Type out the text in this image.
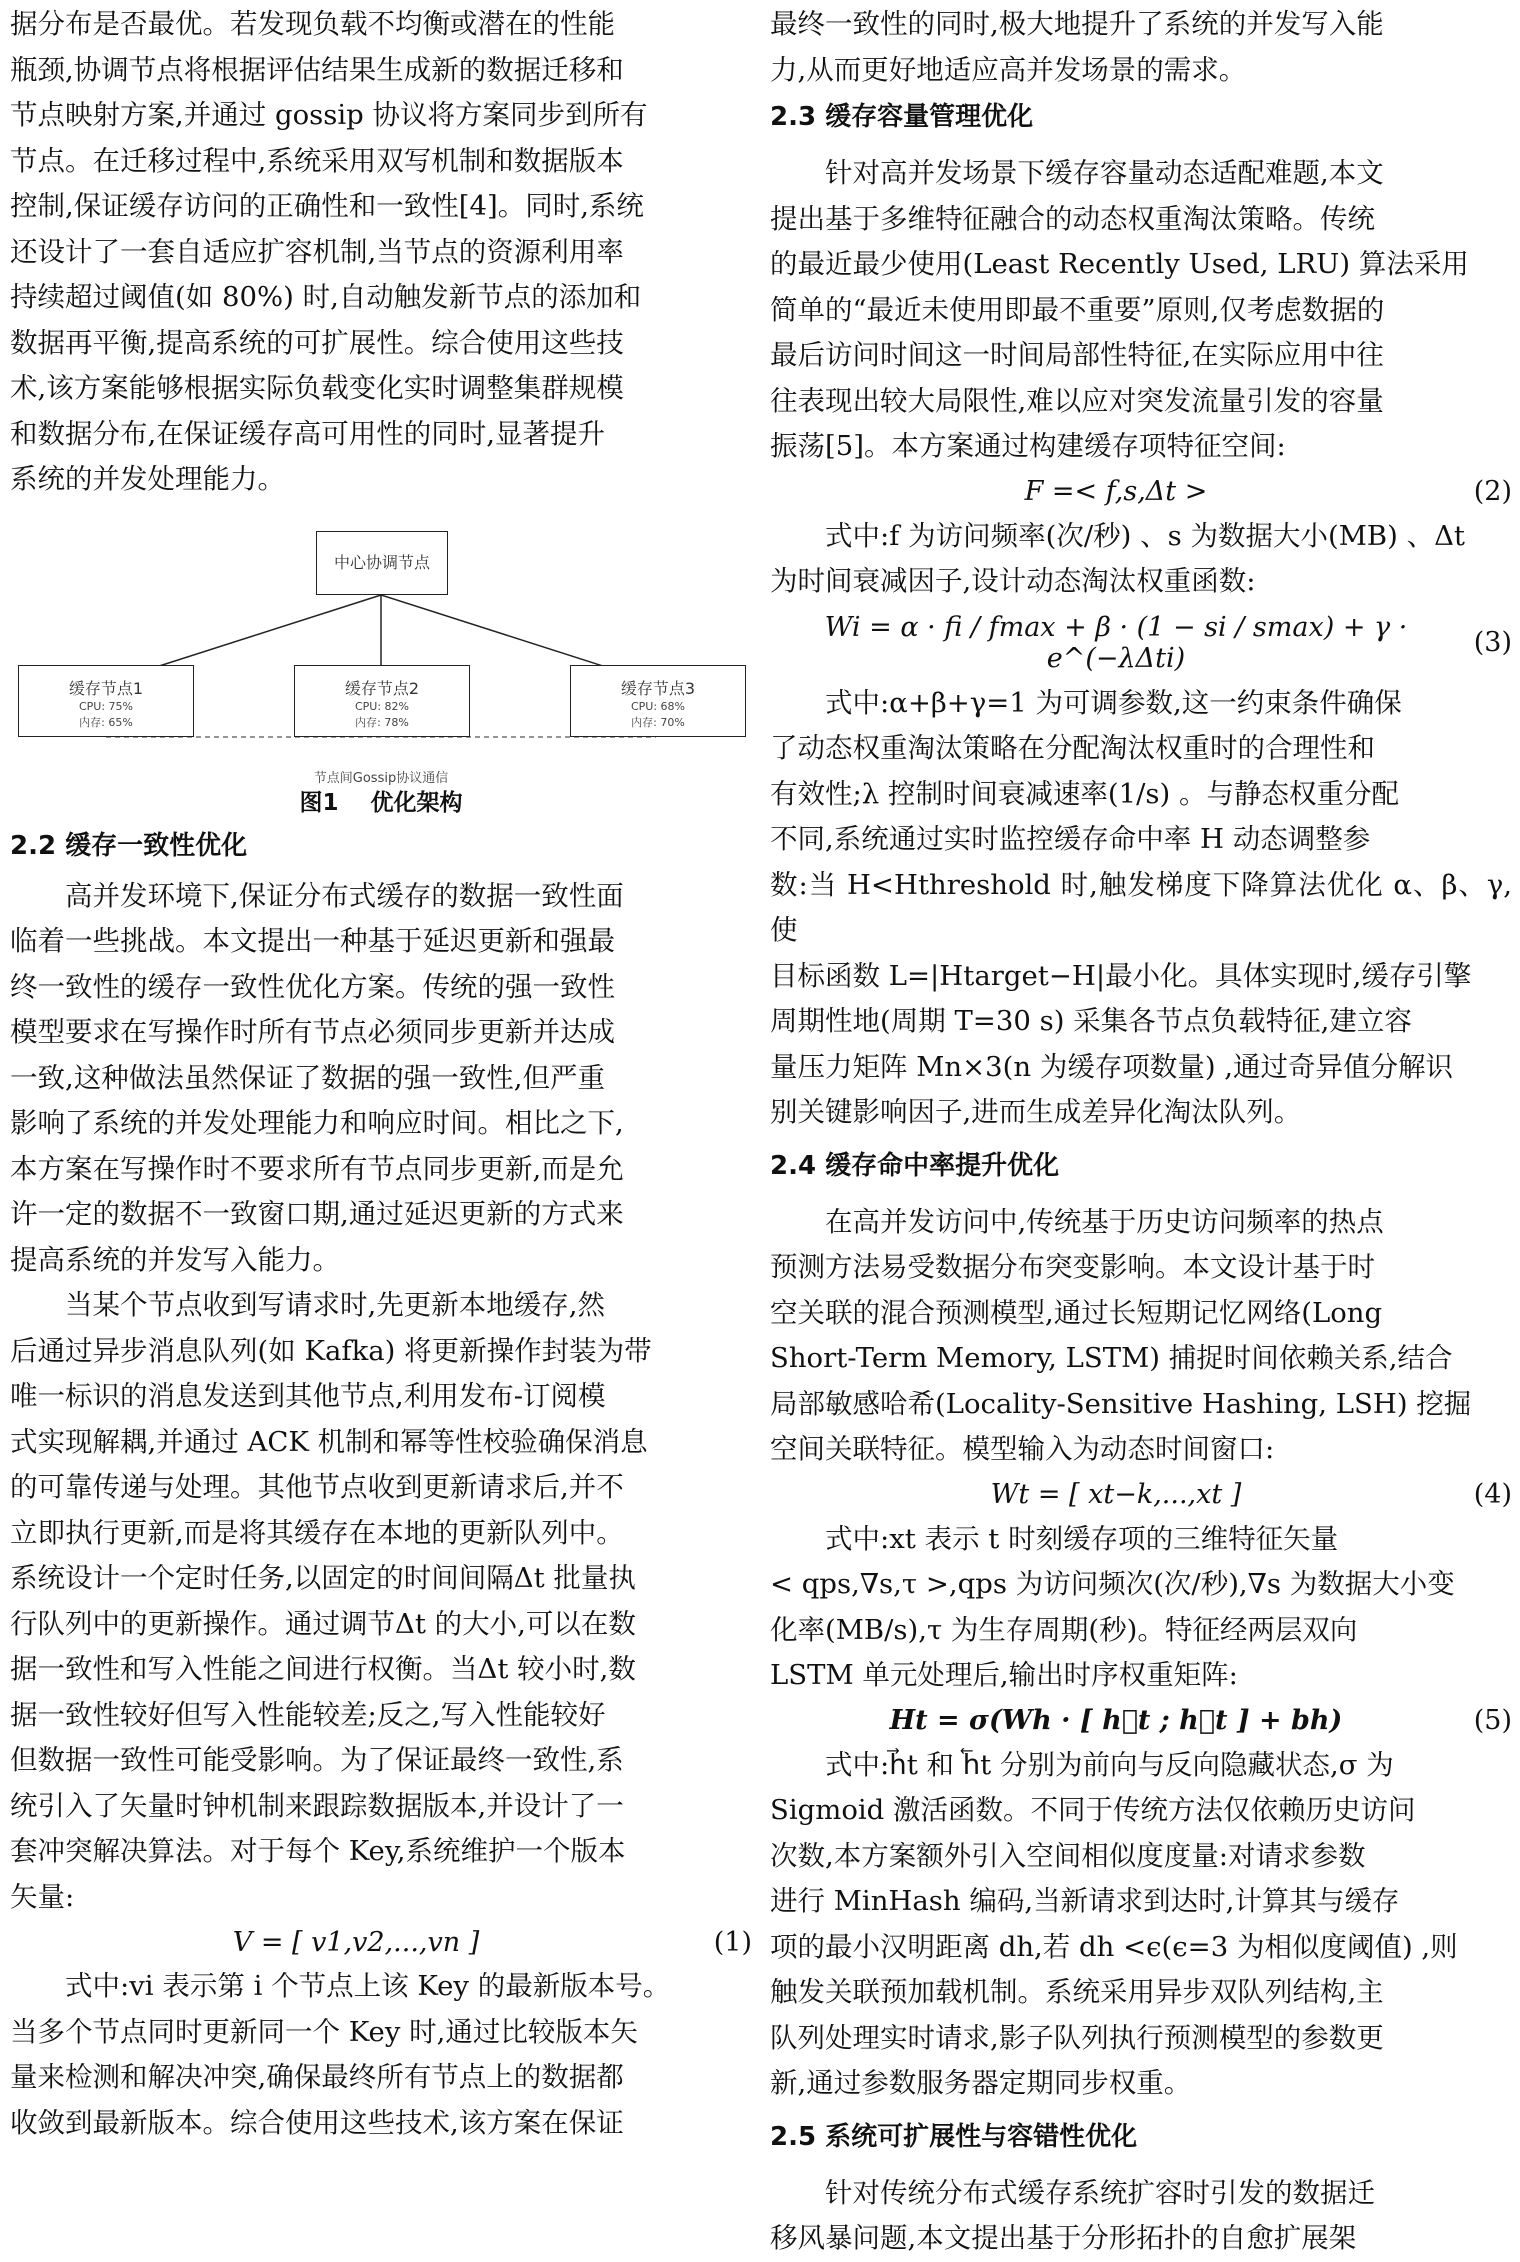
据分布是否最优。若发现负载不均衡或潜在的性能

瓶颈,协调节点将根据评估结果生成新的数据迁移和

节点映射方案,并通过 gossip 协议将方案同步到所有

节点。在迁移过程中,系统采用双写机制和数据版本

控制,保证缓存访问的正确性和一致性[4]。同时,系统

还设计了一套自适应扩容机制,当节点的资源利用率

持续超过阈值(如 80%) 时,自动触发新节点的添加和

数据再平衡,提高系统的可扩展性。综合使用这些技

术,该方案能够根据实际负载变化实时调整集群规模

和数据分布,在保证缓存高可用性的同时,显著提升

系统的并发处理能力。

中心协调节点
缓存节点1
CPU: 75%
内存: 65%
缓存节点2
CPU: 82%
内存: 78%
缓存节点3
CPU: 68%
内存: 70%
节点间Gossip协议通信

图1    优化架构

2.2 缓存一致性优化

高并发环境下,保证分布式缓存的数据一致性面

临着一些挑战。本文提出一种基于延迟更新和强最

终一致性的缓存一致性优化方案。传统的强一致性

模型要求在写操作时所有节点必须同步更新并达成

一致,这种做法虽然保证了数据的强一致性,但严重

影响了系统的并发处理能力和响应时间。相比之下,

本方案在写操作时不要求所有节点同步更新,而是允

许一定的数据不一致窗口期,通过延迟更新的方式来

提高系统的并发写入能力。

当某个节点收到写请求时,先更新本地缓存,然

后通过异步消息队列(如 Kafka) 将更新操作封装为带

唯一标识的消息发送到其他节点,利用发布-订阅模

式实现解耦,并通过 ACK 机制和幂等性校验确保消息

的可靠传递与处理。其他节点收到更新请求后,并不

立即执行更新,而是将其缓存在本地的更新队列中。

系统设计一个定时任务,以固定的时间间隔Δt 批量执

行队列中的更新操作。通过调节Δt 的大小,可以在数

据一致性和写入性能之间进行权衡。当Δt 较小时,数

据一致性较好但写入性能较差;反之,写入性能较好

但数据一致性可能受影响。为了保证最终一致性,系

统引入了矢量时钟机制来跟踪数据版本,并设计了一

套冲突解决算法。对于每个 Key,系统维护一个版本

矢量:

V = [ v1,v2,...,vn ]	(1)

式中:vi 表示第 i 个节点上该 Key 的最新版本号。

当多个节点同时更新同一个 Key 时,通过比较版本矢

量来检测和解决冲突,确保最终所有节点上的数据都

收敛到最新版本。综合使用这些技术,该方案在保证

最终一致性的同时,极大地提升了系统的并发写入能

力,从而更好地适应高并发场景的需求。

2.3 缓存容量管理优化

针对高并发场景下缓存容量动态适配难题,本文

提出基于多维特征融合的动态权重淘汰策略。传统

的最近最少使用(Least Recently Used, LRU) 算法采用

简单的“最近未使用即最不重要”原则,仅考虑数据的

最后访问时间这一时间局部性特征,在实际应用中往

往表现出较大局限性,难以应对突发流量引发的容量

振荡[5]。本方案通过构建缓存项特征空间:

F =< f,s,Δt >	(2)

式中:f 为访问频率(次/秒) 、s 为数据大小(MB) 、Δt

为时间衰减因子,设计动态淘汰权重函数:

Wi = α · fi / fmax + β · (1 − si / smax) + γ · e^(−λΔti)	(3)

式中:α+β+γ=1 为可调参数,这一约束条件确保

了动态权重淘汰策略在分配淘汰权重时的合理性和

有效性;λ 控制时间衰减速率(1/s) 。与静态权重分配

不同,系统通过实时监控缓存命中率 H 动态调整参

数:当 H<Hthreshold 时,触发梯度下降算法优化 α、β、γ,使

目标函数 L=|Htarget−H|最小化。具体实现时,缓存引擎

周期性地(周期 T=30 s) 采集各节点负载特征,建立容

量压力矩阵 Mn×3(n 为缓存项数量) ,通过奇异值分解识

别关键影响因子,进而生成差异化淘汰队列。

2.4 缓存命中率提升优化

在高并发访问中,传统基于历史访问频率的热点

预测方法易受数据分布突变影响。本文设计基于时

空关联的混合预测模型,通过长短期记忆网络(Long

Short-Term Memory, LSTM) 捕捉时间依赖关系,结合

局部敏感哈希(Locality-Sensitive Hashing, LSH) 挖掘

空间关联特征。模型输入为动态时间窗口:

Wt = [ xt−k,...,xt ]	(4)

式中:xt 表示 t 时刻缓存项的三维特征矢量

< qps,∇s,τ >,qps 为访问频次(次/秒),∇s 为数据大小变

化率(MB/s),τ 为生存周期(秒)。特征经两层双向

LSTM 单元处理后,输出时序权重矩阵:

Ht = σ(Wh · [ h⃗t ; h⃖t ] + bh)	(5)

式中:h⃗t 和 h⃖t 分别为前向与反向隐藏状态,σ 为

Sigmoid 激活函数。不同于传统方法仅依赖历史访问

次数,本方案额外引入空间相似度度量:对请求参数

进行 MinHash 编码,当新请求到达时,计算其与缓存

项的最小汉明距离 dh,若 dh <ϵ(ϵ=3 为相似度阈值) ,则

触发关联预加载机制。系统采用异步双队列结构,主

队列处理实时请求,影子队列执行预测模型的参数更

新,通过参数服务器定期同步权重。

2.5 系统可扩展性与容错性优化

针对传统分布式缓存系统扩容时引发的数据迁

移风暴问题,本文提出基于分形拓扑的自愈扩展架
